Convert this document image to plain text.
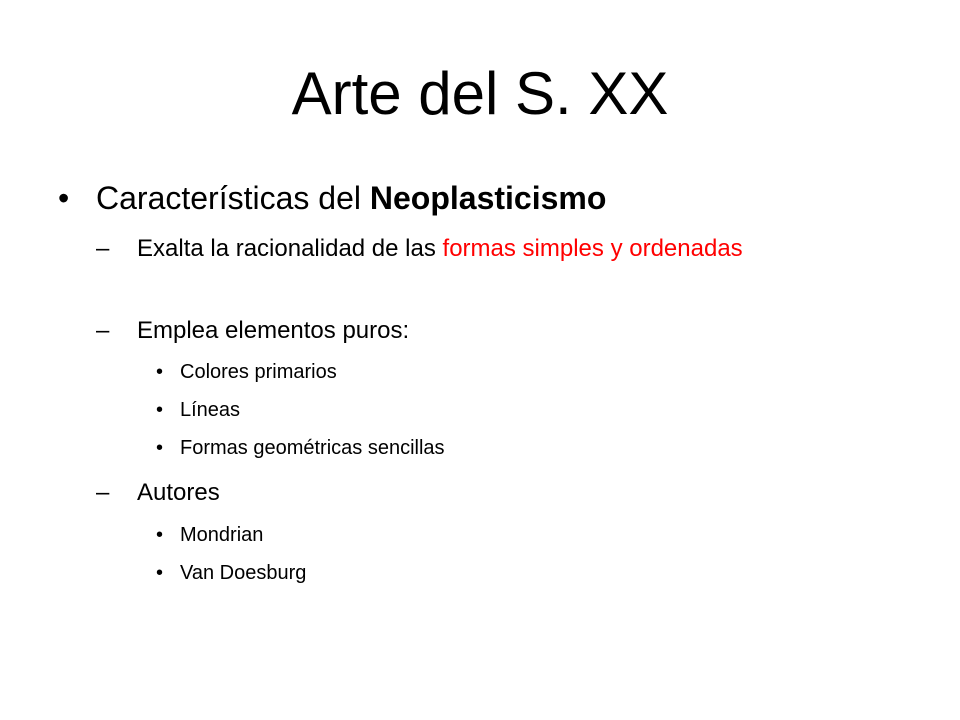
Arte del S. XX
• Características del Neoplasticismo
– Exalta la racionalidad de las formas simples y ordenadas
– Emplea elementos puros:
• Colores primarios
• Líneas
• Formas geométricas sencillas
– Autores
• Mondrian
• Van Doesburg
